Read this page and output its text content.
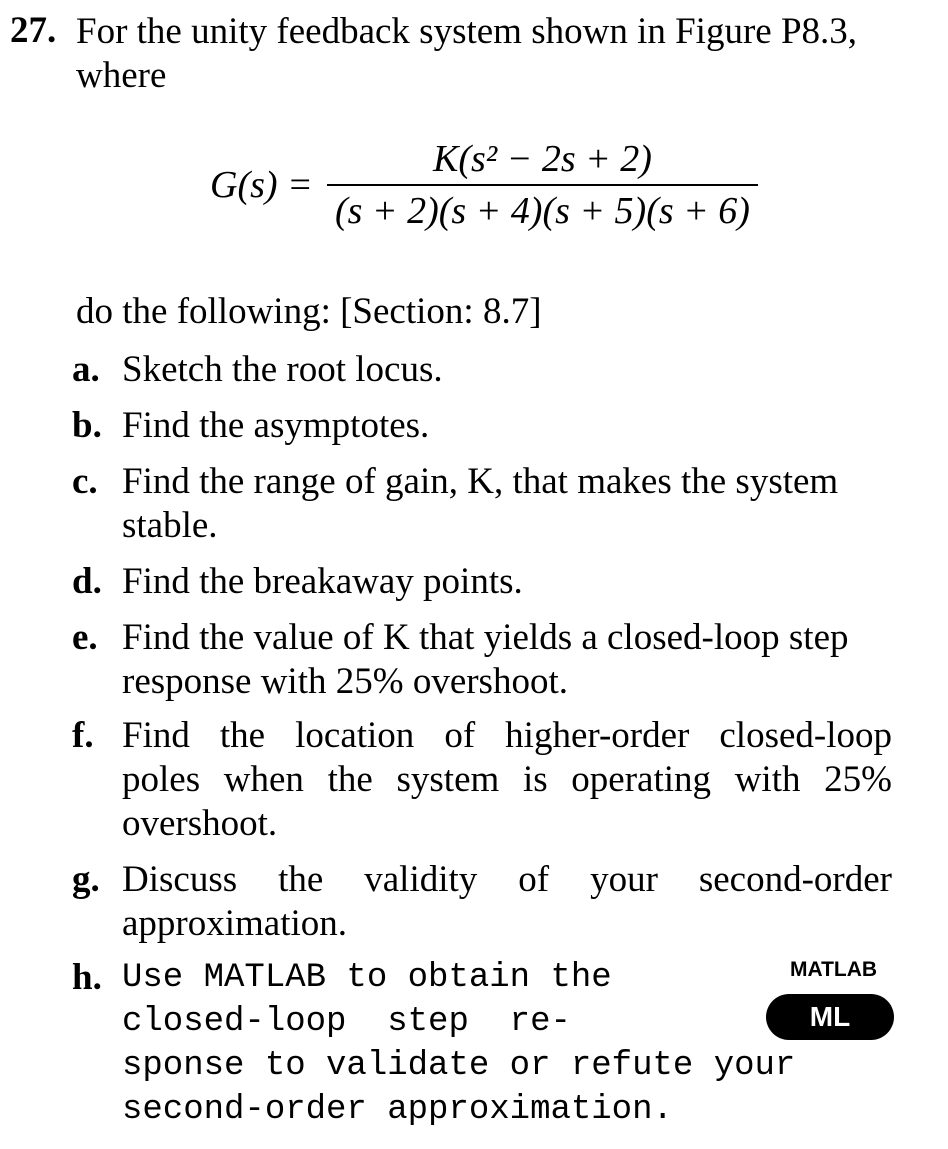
27. For the unity feedback system shown in Figure P8.3, where
$G(s) = \frac{\text{K(s² − 2s + 2)}}{(s + 2)(s + 4)(s + 5)(s + 6)}$
do the following: [Section: 8.7]
a. Sketch the root locus.
b. Find the asymptotes.
c. Find the range of gain, K, that makes the system stable.
d. Find the breakaway points.
e. Find the value of K that yields a closed-loop step response with 25% overshoot.
f. Find the location of higher-order closed-loop
poles when the system is operating with 25%
overshoot.
g. Discuss the validity of your second-order
approximation.
h. Use MATLAB to obtain the
closed-loop  step  re-
sponse to validate or refute your
second-order approximation.
MATLAB
ML
